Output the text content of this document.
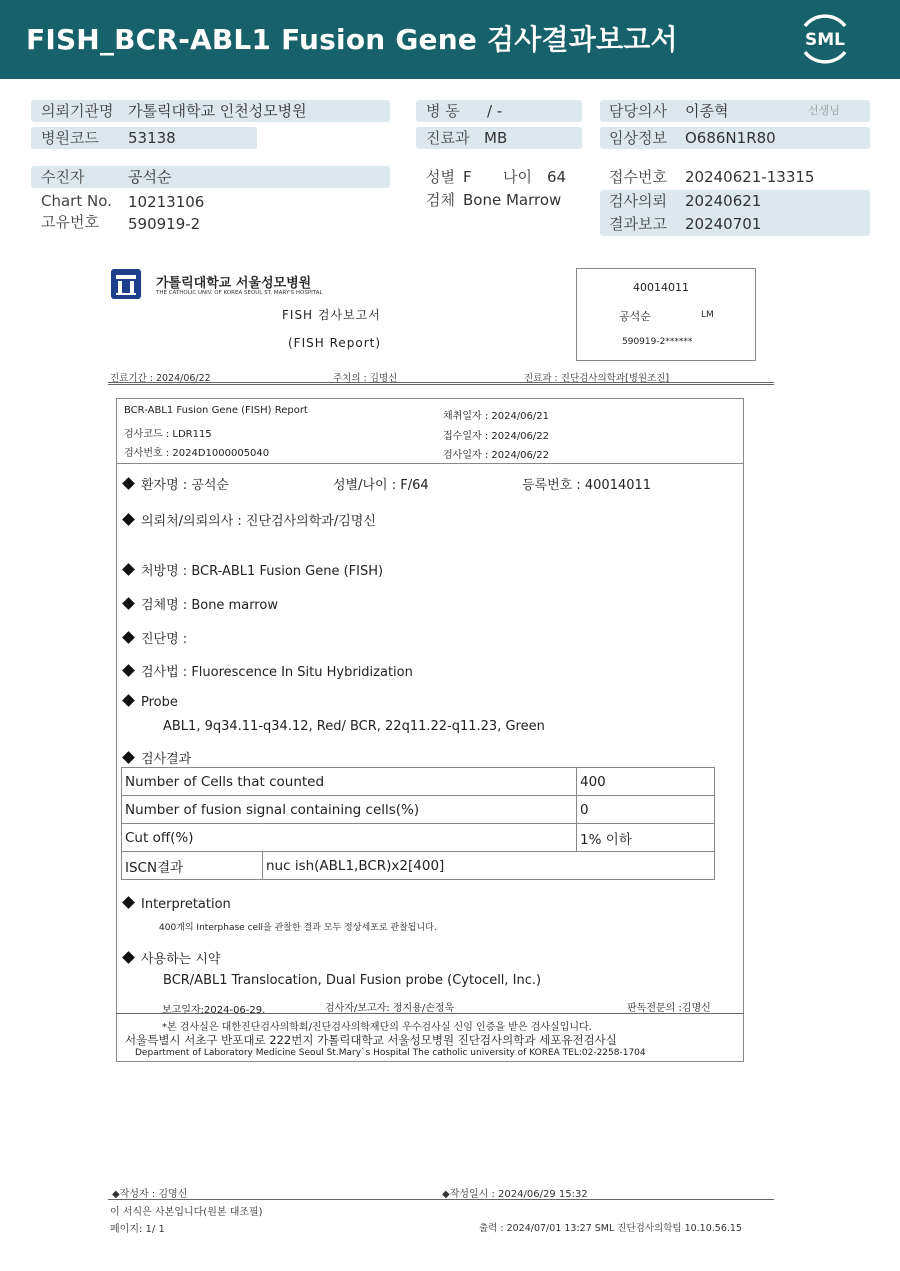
FISH_BCR-ABL1 Fusion Gene 검사결과보고서	SML
의뢰기관명 가톨릭대학교 인천성모병원
병원코드 53138
병 동 / -
진료과 MB
담당의사 이종혁	선생님
임상정보 O686N1R80
수진자	공석순
Chart No. 10213106
고유번호 590919-2
성별 F 나이 64
검체 Bone Marrow
접수번호 20240621-13315
검사의뢰 20240621
결과보고 20240701
가톨릭대학교 서울성모병원
THE CATHOLIC UNIV. OF KOREA SEOUL ST. MARY'S HOSPITAL
FISH 검사보고서
(FISH Report)
40014011
공석순	LM
590919-2******
진료기간 : 2024/06/22	주치의 : 김명신	진료과 : 진단검사의학과[병원조진]
BCR-ABL1 Fusion Gene (FISH) Report
검사코드 : LDR115
검사번호 : 2024D1000005040
채취일자 : 2024/06/21
접수일자 : 2024/06/22
검사일자 : 2024/06/22
환자명 : 공석순	성별/나이 : F/64	등록번호 : 40014011
의뢰처/의뢰의사 : 진단검사의학과/김명신
처방명 : BCR-ABL1 Fusion Gene (FISH)
검체명 : Bone marrow
진단명 :
검사법 : Fluorescence In Situ Hybridization
Probe
ABL1, 9q34.11-q34.12, Red/ BCR, 22q11.22-q11.23, Green
검사결과
Number of Cells that counted		400
Number of fusion signal containing cells(%)		0
Cut off(%)		1% 이하
ISCN결과	nuc ish(ABL1,BCR)x2[400]	
Interpretation
400개의 Interphase cell을 관찰한 결과 모두 정상세포로 관찰됩니다.
사용하는 시약
BCR/ABL1 Translocation, Dual Fusion probe (Cytocell, Inc.)
보고일자:2024-06-29.	검사자/보고자: 정지용/손정욱	판독전문의 :김명신
*본 검사실은 대한진단검사의학회/진단검사의학재단의 우수검사실 신임 인증을 받은 검사실입니다.
서울특별시 서초구 반포대로 222번지 가톨릭대학교 서울성모병원 진단검사의학과 세포유전검사실
Department of Laboratory Medicine Seoul St.Mary`s Hospital The catholic university of KOREA TEL:02-2258-1704
◆작성자 : 김명신	◆작성일시 : 2024/06/29 15:32
이 서식은 사본입니다(원본 대조필)
페이지: 1/ 1	출력 : 2024/07/01 13:27 SML 진단검사의학팀 10.10.56.15
